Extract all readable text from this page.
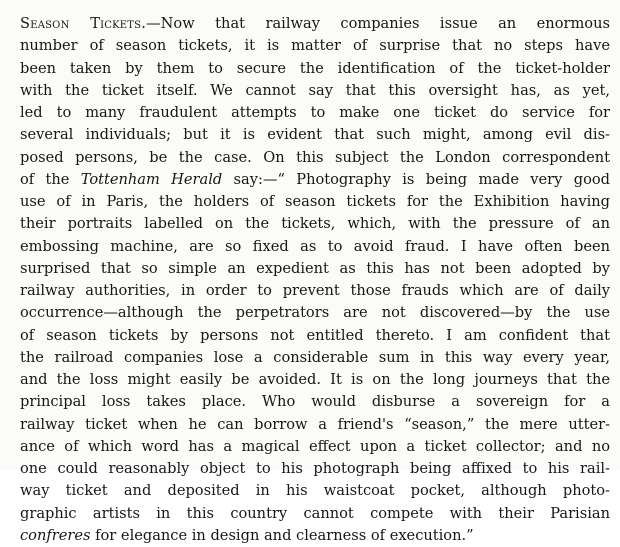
Season Tickets.—Now that railway companies issue an enormous
number of season tickets, it is matter of surprise that no steps have
been taken by them to secure the identification of the ticket-holder
with the ticket itself. We cannot say that this oversight has, as yet,
led to many fraudulent attempts to make one ticket do service for
several individuals; but it is evident that such might, among evil dis-
posed persons, be the case. On this subject the London correspondent
of the Tottenham Herald say:—“ Photography is being made very good
use of in Paris, the holders of season tickets for the Exhibition having
their portraits labelled on the tickets, which, with the pressure of an
embossing machine, are so fixed as to avoid fraud. I have often been
surprised that so simple an expedient as this has not been adopted by
railway authorities, in order to prevent those frauds which are of daily
occurrence—although the perpetrators are not discovered—by the use
of season tickets by persons not entitled thereto. I am confident that
the railroad companies lose a considerable sum in this way every year,
and the loss might easily be avoided. It is on the long journeys that the
principal loss takes place. Who would disburse a sovereign for a
railway ticket when he can borrow a friend's “season,” the mere utter-
ance of which word has a magical effect upon a ticket collector; and no
one could reasonably object to his photograph being affixed to his rail-
way ticket and deposited in his waistcoat pocket, although photo-
graphic artists in this country cannot compete with their Parisian
confreres for elegance in design and clearness of execution.”
